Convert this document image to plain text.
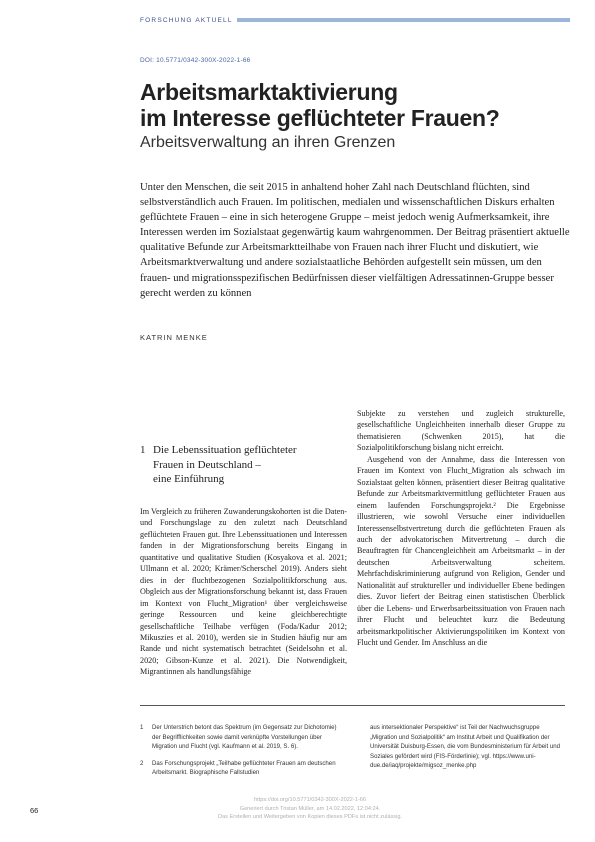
FORSCHUNG AKTUELL
DOI: 10.5771/0342-300X-2022-1-66
Arbeitsmarktaktivierung
im Interesse geflüchteter Frauen?
Arbeitsverwaltung an ihren Grenzen

Unter den Menschen, die seit 2015 in anhaltend hoher Zahl nach Deutschland flüchten, sind selbstverständlich auch Frauen. Im politischen, medialen und wissenschaftlichen Diskurs erhalten geflüchtete Frauen – eine in sich heterogene Gruppe – meist jedoch wenig Aufmerksamkeit, ihre Interessen werden im Sozialstaat gegenwärtig kaum wahrgenommen. Der Beitrag präsentiert aktuelle qualitative Befunde zur Arbeitsmarktteilhabe von Frauen nach ihrer Flucht und diskutiert, wie Arbeitsmarktverwaltung und andere sozialstaatliche Behörden aufgestellt sein müssen, um den frauen- und migrationsspezifischen Bedürfnissen dieser vielfältigen Adressatinnen-Gruppe besser gerecht werden zu können

KATRIN MENKE
1 Die Lebenssituation geflüchteter
Frauen in Deutschland –
eine Einführung

Im Vergleich zu früheren Zuwanderungskohorten ist die Daten- und Forschungslage zu den zuletzt nach Deutschland geflüchteten Frauen gut. Ihre Lebenssituationen und Interessen fanden in der Migrationsforschung bereits Eingang in quantitative und qualitative Studien (Kosyakova et al. 2021; Ullmann et al. 2020; Krämer/Scherschel 2019). Anders sieht dies in der fluchtbezogenen Sozialpolitikforschung aus. Obgleich aus der Migrationsforschung bekannt ist, dass Frauen im Kontext von Flucht_Migration¹ über vergleichsweise geringe Ressourcen und keine gleichberechtigte gesellschaftliche Teilhabe verfügen (Foda/Kadur 2012; Mikuszies et al. 2010), werden sie in Studien häufig nur am Rande und nicht systematisch betrachtet (Seidelsohn et al. 2020; Gibson-Kunze et al. 2021). Die Notwendigkeit, Migrantinnen als handlungsfähige

Subjekte zu verstehen und zugleich strukturelle, gesellschaftliche Ungleichheiten innerhalb dieser Gruppe zu thematisieren (Schwenken 2015), hat die Sozialpolitikforschung bislang nicht erreicht.

Ausgehend von der Annahme, dass die Interessen von Frauen im Kontext von Flucht_Migration als schwach im Sozialstaat gelten können, präsentiert dieser Beitrag qualitative Befunde zur Arbeitsmarktvermittlung geflüchteter Frauen aus einem laufenden Forschungsprojekt.² Die Ergebnisse illustrieren, wie sowohl Versuche einer individuellen Interessenselbstvertretung durch die geflüchteten Frauen als auch der advokatorischen Mitvertretung – durch die Beauftragten für Chancengleichheit am Arbeitsmarkt – in der deutschen Arbeitsverwaltung scheitern. Mehrfachdiskriminierung aufgrund von Religion, Gender und Nationalität auf struktureller und individueller Ebene bedingen dies. Zuvor liefert der Beitrag einen statistischen Überblick über die Lebens- und Erwerbsarbeitssituation von Frauen nach ihrer Flucht und beleuchtet kurz die Bedeutung arbeitsmarktpolitischer Aktivierungspolitiken im Kontext von Flucht und Gender. Im Anschluss an die

1	Der Unterstrich betont das Spektrum (im Gegensatz zur Dichotomie) der Begrifflichkeiten sowie damit verknüpfte Vorstellungen über Migration und Flucht (vgl. Kaufmann et al. 2019, S. 6).
2	Das Forschungsprojekt „Teilhabe geflüchteter Frauen am deutschen Arbeitsmarkt. Biographische Fallstudien
aus intersektionaler Perspektive“ ist Teil der Nachwuchsgruppe „Migration und Sozialpolitik“ am Institut Arbeit und Qualifikation der Universität Duisburg-Essen, die vom Bundesministerium für Arbeit und Soziales gefördert wird (FIS-Förderlinie); vgl. https://www.uni-due.de/iaq/projekte/migsoz_menke.php
66
https://doi.org/10.5771/0342-300X-2022-1-66
Generiert durch Tristan Müller, am 14.02.2022, 12:04:24.
Das Erstellen und Weitergeben von Kopien dieses PDFs ist nicht zulässig.
